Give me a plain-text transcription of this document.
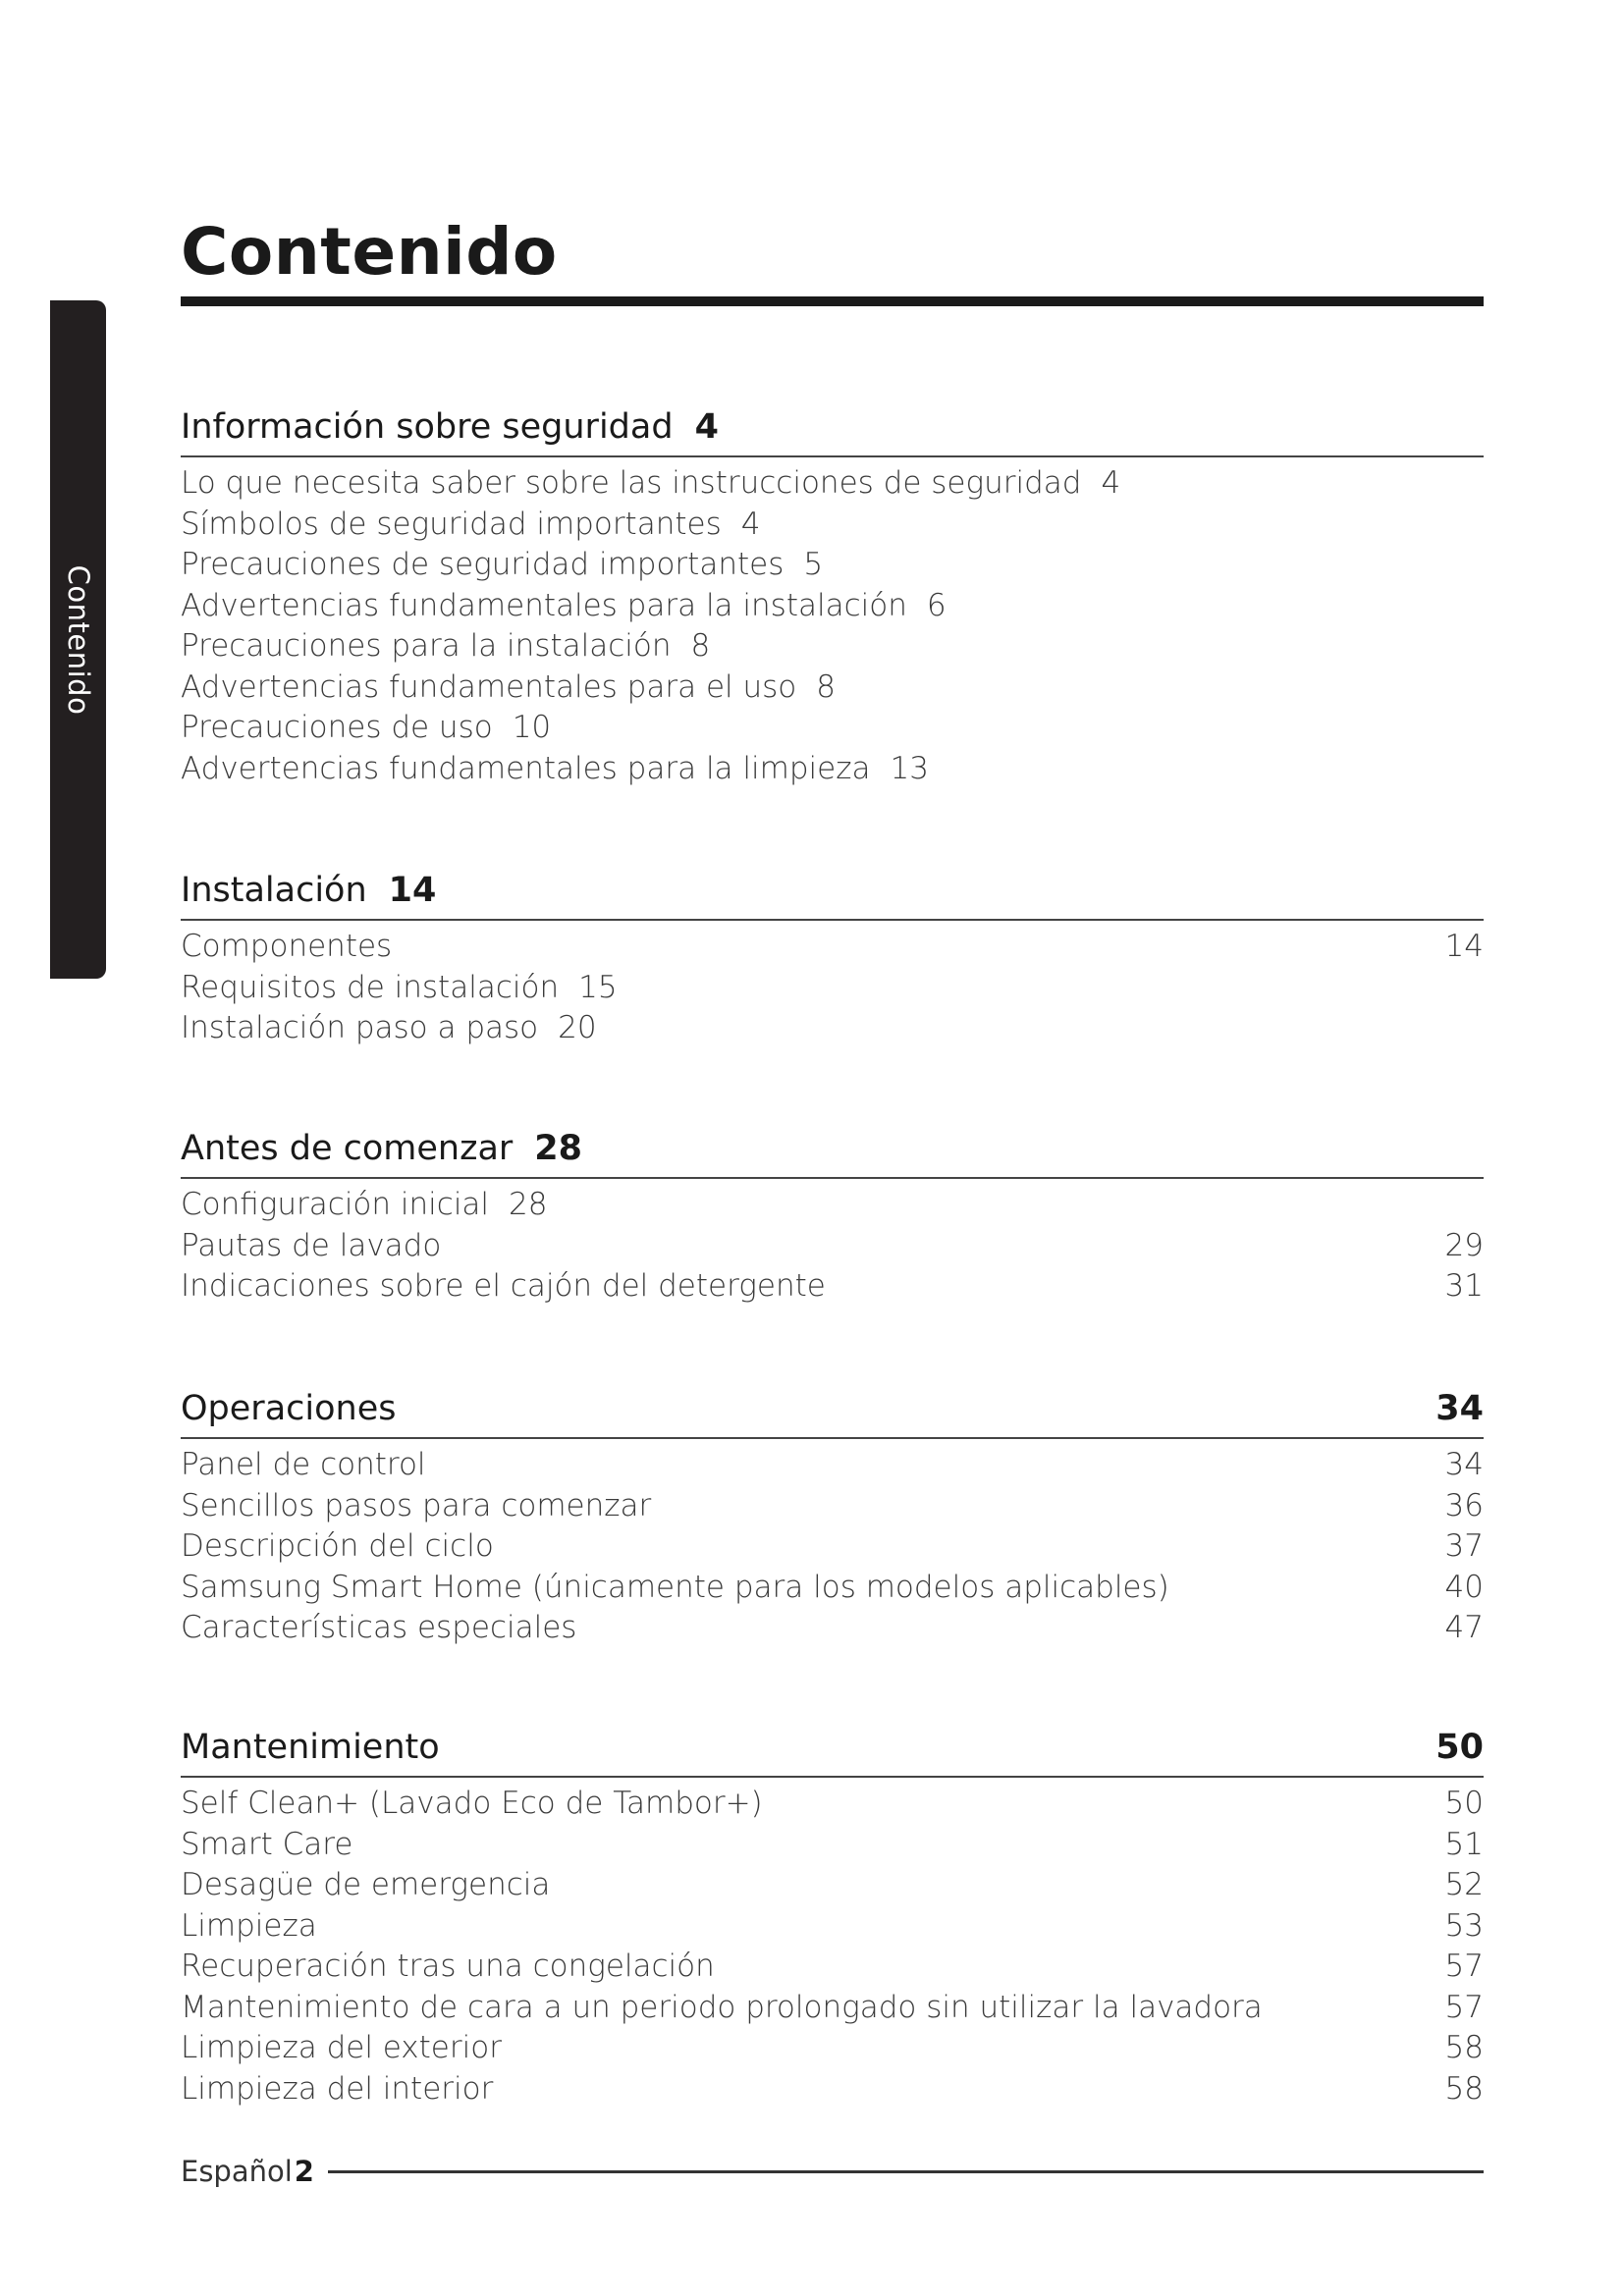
Contenido
Contenido
Información sobre seguridad 4
Lo que necesita saber sobre las instrucciones de seguridad 4
Símbolos de seguridad importantes 4
Precauciones de seguridad importantes 5
Advertencias fundamentales para la instalación 6
Precauciones para la instalación 8
Advertencias fundamentales para el uso 8
Precauciones de uso 10
Advertencias fundamentales para la limpieza 13
Instalación 14
Componentes	14
Requisitos de instalación 15
Instalación paso a paso 20
Antes de comenzar 28
Configuración inicial 28
Pautas de lavado	29
Indicaciones sobre el cajón del detergente	31
Operaciones	34
Panel de control	34
Sencillos pasos para comenzar	36
Descripción del ciclo	37
Samsung Smart Home (únicamente para los modelos aplicables)	40
Características especiales	47
Mantenimiento	50
Self Clean+ (Lavado Eco de Tambor+)	50
Smart Care	51
Desagüe de emergencia	52
Limpieza	53
Recuperación tras una congelación	57
Mantenimiento de cara a un periodo prolongado sin utilizar la lavadora	57
Limpieza del exterior	58
Limpieza del interior	58
Español 2
